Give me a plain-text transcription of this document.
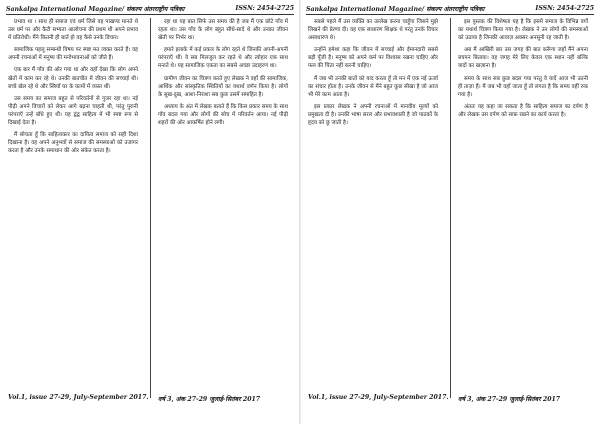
Sankalpa International Magazine/ संकल्प अंतरराष्ट्रीय पत्रिका	ISSN: 2454-2725

प्रभाव था । साथ ही समाज एवं धर्म जिसे वह पाखण्ड मानते थे उस धर्म पर और कैटी सभ्यता आलोचना की प्रथम थी अपने प्रभाव में प्रतिरोधी। मैंने कितनी ही बातें हो वह कैसे उनके विचार।

सामाजिक पहलू सम्बन्धी विषय पर स्पष्ट मत व्यक्त करते हैं। वह अपनी रचनाओं में मनुष्य की मनोभावनाओं को जीते हैं।

एक बार मैं गाँव की ओर गया था और वहाँ देखा कि लोग अपने खेतों में काम कर रहे थे। उनकी बातचीत में जीवन की सच्चाई थी। बच्चे खेल रहे थे और स्त्रियाँ घर के कामों में व्यस्त थीं।

उस समय का समाज बहुत से परिवर्तनों से गुजर रहा था। नई पीढ़ी अपने विचारों को लेकर आगे बढ़ना चाहती थी, परंतु पुरानी परंपराएँ उन्हें बाँधे हुए थीं। यह द्वंद्व साहित्य में भी स्पष्ट रूप से दिखाई देता है।

मैं सोचता हूँ कि साहित्यकार का दायित्व समाज को सही दिशा दिखाना है। वह अपने अनुभवों से समाज की समस्याओं को उजागर करता है और उनके समाधान की ओर संकेत करता है।

रहा था यह बात सिर्फ उस समय की है जब मैं एक छोटे गाँव में रहता था। उस गाँव के लोग बहुत सीधे-सादे थे और उनका जीवन खेती पर निर्भर था।

हमारे इलाके में कई प्रकार के लोग रहते थे जिनकी अपनी-अपनी परंपराएँ थीं। वे सब मिलजुल कर रहते थे और त्योहार एक साथ मनाते थे। यह सामाजिक एकता का सबसे अच्छा उदाहरण था।

ग्रामीण जीवन का चित्रण करते हुए लेखक ने वहाँ की सामाजिक, आर्थिक और सांस्कृतिक स्थितियों का यथार्थ वर्णन किया है। लोगों के सुख-दुख, आशा-निराशा सब कुछ उसमें समाहित है।

अध्याय के अंत में लेखक बताते हैं कि किस प्रकार समय के साथ गाँव बदल गया और लोगों की सोच में परिवर्तन आया। नई पीढ़ी शहरों की ओर आकर्षित होने लगी।

Vol.1, issue 27-29, July-September 2017. वर्ष 3, अंक 27-29 जुलाई-सितंबर 2017
Sankalpa International Magazine/ संकल्प अंतरराष्ट्रीय पत्रिका	ISSN: 2454-2725

सबसे पहले मैं उस व्यक्ति का उल्लेख करना चाहूँगा जिसने मुझे लिखने की प्रेरणा दी। वह एक साधारण शिक्षक थे परंतु उनके विचार असाधारण थे।

उन्होंने हमेशा कहा कि जीवन में सच्चाई और ईमानदारी सबसे बड़ी पूँजी है। मनुष्य को अपने कर्म पर विश्वास रखना चाहिए और फल की चिंता नहीं करनी चाहिए।

मैं जब भी उनकी बातों को याद करता हूँ तो मन में एक नई ऊर्जा का संचार होता है। उनके जीवन से मैंने बहुत कुछ सीखा है जो आज भी मेरे काम आता है।

इस प्रकार लेखक ने अपनी रचनाओं में मानवीय मूल्यों को प्रमुखता दी है। उनकी भाषा सरल और प्रभावशाली है जो पाठकों के हृदय को छू जाती है।

इस पुस्तक की विशेषता यह है कि इसमें समाज के विभिन्न वर्गों का यथार्थ चित्रण किया गया है। लेखक ने उन लोगों की समस्याओं को उठाया है जिनकी आवाज़ अक्सर अनसुनी रह जाती है।

अब मैं आखिरी बार उस जगह की बात करूँगा जहाँ मैंने अपना बचपन बिताया। वह जगह मेरे लिए केवल एक स्थान नहीं बल्कि यादों का खज़ाना है।

समय के साथ सब कुछ बदल गया परंतु वे यादें आज भी उतनी ही ताज़ा हैं। मैं जब भी वहाँ जाता हूँ तो लगता है कि समय वहीं रुक गया है।

अंततः यह कहा जा सकता है कि साहित्य समाज का दर्पण है और लेखक उस दर्पण को साफ़ रखने का कार्य करता है।

Vol.1, issue 27-29, July-September 2017. वर्ष 3, अंक 27-29 जुलाई-सितंबर 2017
